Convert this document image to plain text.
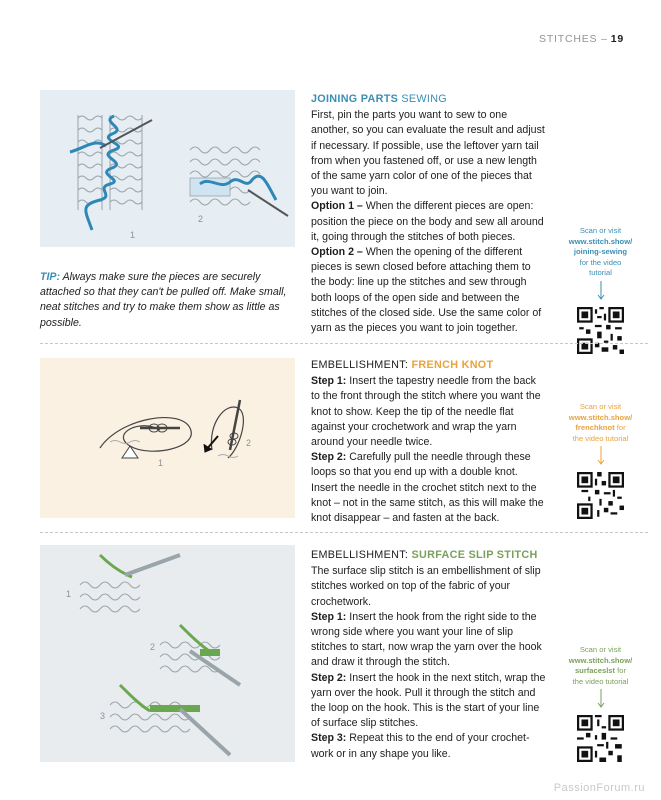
STITCHES – 19
1
2
TIP: Always make sure the pieces are securely attached so that they can't be pulled off. Make small, neat stitches and try to make them show as little as possible.
JOINING PARTS SEWING

First, pin the parts you want to sew to one another, so you can evaluate the result and adjust if necessary. If possible, use the leftover yarn tail from when you fastened off, or use a new length of the same yarn color of one of the pieces that you want to join.

Option 1 – When the different pieces are open: position the piece on the body and sew all around it, going through the stitches of both pieces.

Option 2 – When the opening of the different pieces is sewn closed before attaching them to the body: line up the stitches and sew through both loops of the open side and between the stitches of the closed side. Use the same color of yarn as the pieces you want to join together.

Scan or visit
www.stitch.show/
joining-sewing
for the video
tutorial
1
2
EMBELLISHMENT: FRENCH KNOT

Step 1: Insert the tapestry needle from the back to the front through the stitch where you want the knot to show. Keep the tip of the needle flat against your crochetwork and wrap the yarn around your needle twice.

Step 2: Carefully pull the needle through these loops so that you end up with a double knot. Insert the needle in the crochet stitch next to the knot – not in the same stitch, as this will make the knot disappear – and fasten at the back.

Scan or visit
www.stitch.show/
frenchknot for
the video tutorial
1
2
3
EMBELLISHMENT: SURFACE SLIP STITCH

The surface slip stitch is an embellishment of slip stitches worked on top of the fabric of your crochetwork.

Step 1: Insert the hook from the right side to the wrong side where you want your line of slip stitches to start, now wrap the yarn over the hook and draw it through the stitch.

Step 2: Insert the hook in the next stitch, wrap the yarn over the hook. Pull it through the stitch and the loop on the hook. This is the start of your line of surface slip stitches.

Step 3: Repeat this to the end of your crochet-work or in any shape you like.

Scan or visit
www.stitch.show/
surfaceslst for
the video tutorial
PassionForum.ru
